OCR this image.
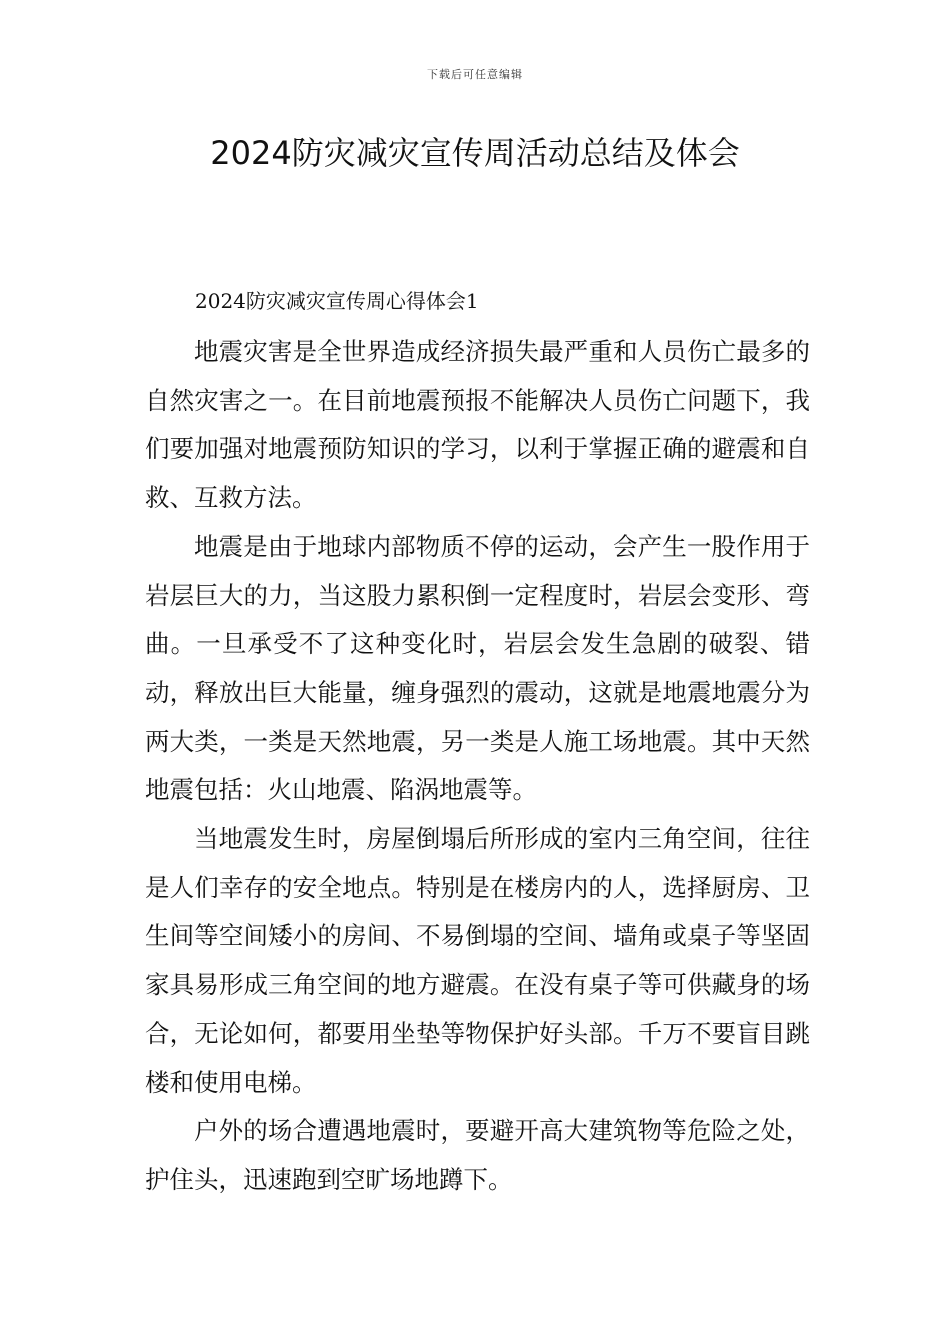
下载后可任意编辑
2024防灾减灾宣传周活动总结及体会

2024防灾减灾宣传周心得体会1

地震灾害是全世界造成经济损失最严重和人员伤亡最多的自然灾害之一。在目前地震预报不能解决人员伤亡问题下，我们要加强对地震预防知识的学习，以利于掌握正确的避震和自救、互救方法。

地震是由于地球内部物质不停的运动，会产生一股作用于岩层巨大的力，当这股力累积倒一定程度时，岩层会变形、弯曲。一旦承受不了这种变化时，岩层会发生急剧的破裂、错动，释放出巨大能量，缠身强烈的震动，这就是地震地震分为两大类，一类是天然地震，另一类是人施工场地震。其中天然地震包括：火山地震、陷涡地震等。

当地震发生时，房屋倒塌后所形成的室内三角空间，往往是人们幸存的安全地点。特别是在楼房内的人，选择厨房、卫生间等空间矮小的房间、不易倒塌的空间、墙角或桌子等坚固家具易形成三角空间的地方避震。在没有桌子等可供藏身的场合，无论如何，都要用坐垫等物保护好头部。千万不要盲目跳楼和使用电梯。

户外的场合遭遇地震时，要避开高大建筑物等危险之处，护住头，迅速跑到空旷场地蹲下。
